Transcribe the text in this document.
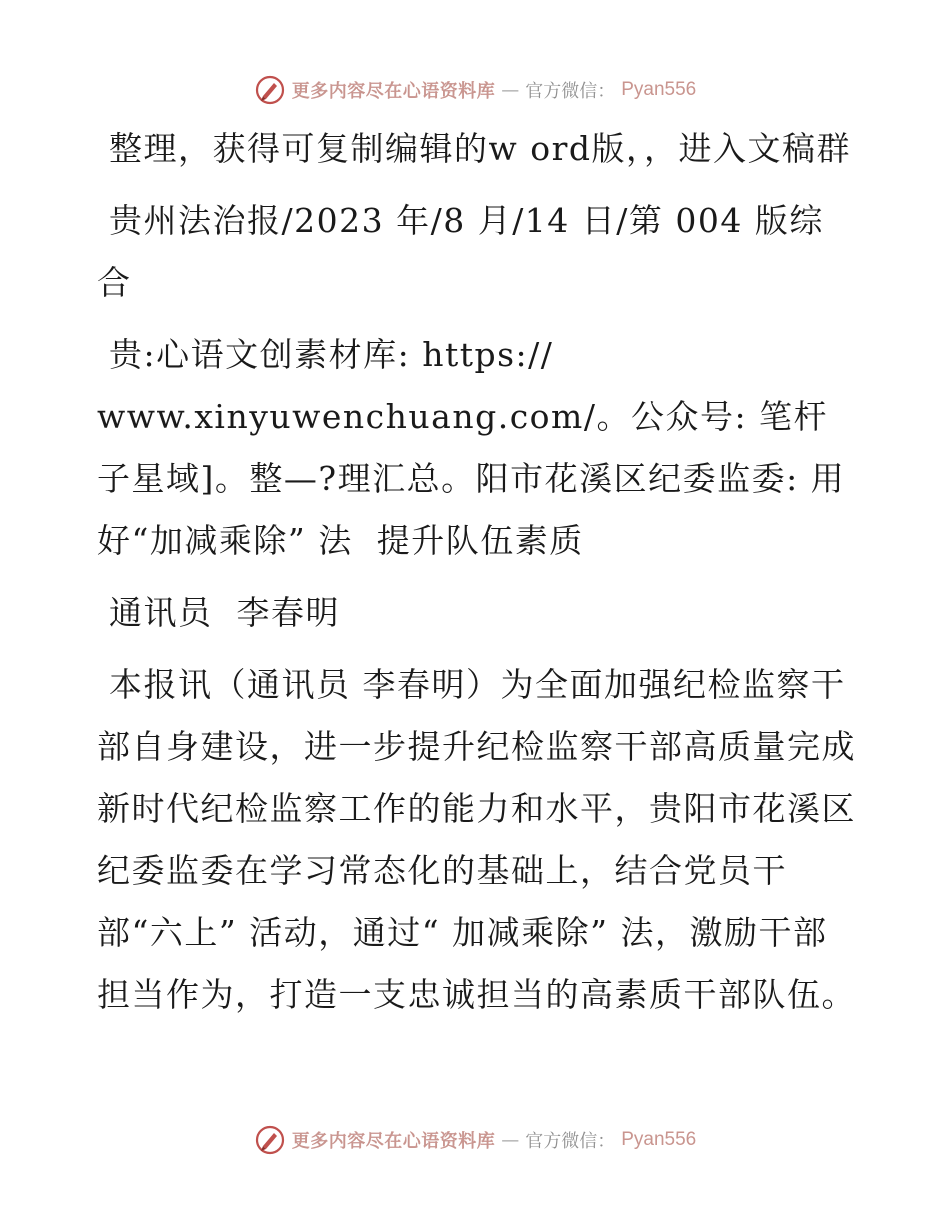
更多内容尽在心语资料库 — 官方微信： Pyan556

整理，获得可复制编辑的w ord版，，进入文稿群

贵州法治报/2023 年/8 月/14 日/第 004 版综合

贵:心语文创素材库: https://

www.xinyuwenchuang.com/。公众号: 笔杆子星域]。整—?理汇总。阳市花溪区纪委监委: 用好“加减乘除” 法  提升队伍素质

通讯员  李春明

本报讯（通讯员 李春明）为全面加强纪检监察干部自身建设，进一步提升纪检监察干部高质量完成新时代纪检监察工作的能力和水平，贵阳市花溪区纪委监委在学习常态化的基础上，结合党员干部“六上” 活动，通过“ 加减乘除” 法，激励干部担当作为，打造一支忠诚担当的高素质干部队伍。

更多内容尽在心语资料库 — 官方微信： Pyan556
